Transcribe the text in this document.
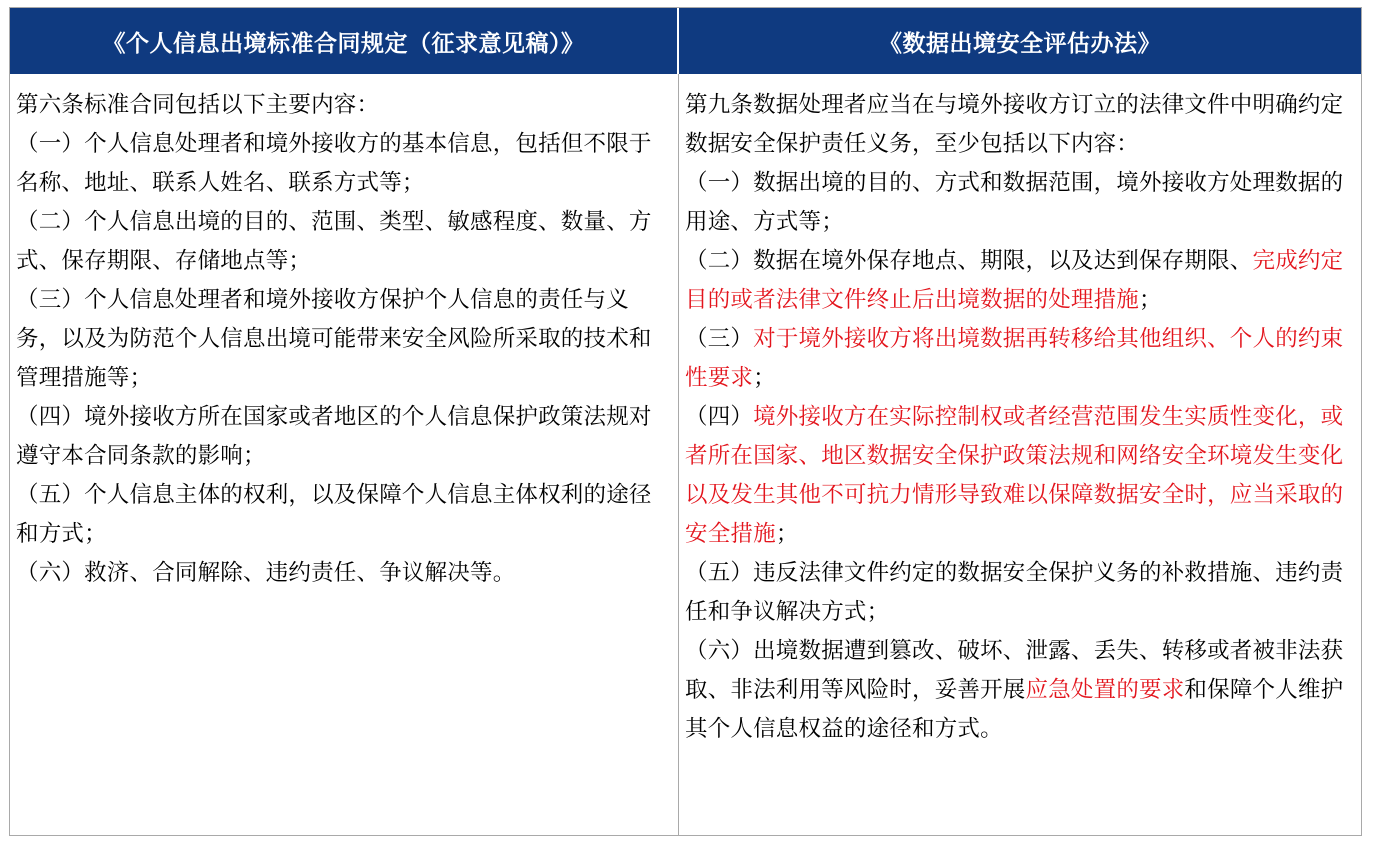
《个人信息出境标准合同规定（征求意见稿）》	《数据出境安全评估办法》

第六条标准合同包括以下主要内容：

（一）个人信息处理者和境外接收方的基本信息，包括但不限于名称、地址、联系人姓名、联系方式等；

（二）个人信息出境的目的、范围、类型、敏感程度、数量、方式、保存期限、存储地点等；

（三）个人信息处理者和境外接收方保护个人信息的责任与义务，以及为防范个人信息出境可能带来安全风险所采取的技术和管理措施等；

（四）境外接收方所在国家或者地区的个人信息保护政策法规对遵守本合同条款的影响；

（五）个人信息主体的权利，以及保障个人信息主体权利的途径和方式；

（六）救济、合同解除、违约责任、争议解决等。

第九条数据处理者应当在与境外接收方订立的法律文件中明确约定数据安全保护责任义务，至少包括以下内容：

（一）数据出境的目的、方式和数据范围，境外接收方处理数据的用途、方式等；

（二）数据在境外保存地点、期限，以及达到保存期限、完成约定目的或者法律文件终止后出境数据的处理措施；

（三）对于境外接收方将出境数据再转移给其他组织、个人的约束性要求；

（四）境外接收方在实际控制权或者经营范围发生实质性变化，或者所在国家、地区数据安全保护政策法规和网络安全环境发生变化以及发生其他不可抗力情形导致难以保障数据安全时，应当采取的安全措施；

（五）违反法律文件约定的数据安全保护义务的补救措施、违约责任和争议解决方式；

（六）出境数据遭到篡改、破坏、泄露、丢失、转移或者被非法获取、非法利用等风险时，妥善开展应急处置的要求和保障个人维护其个人信息权益的途径和方式。
